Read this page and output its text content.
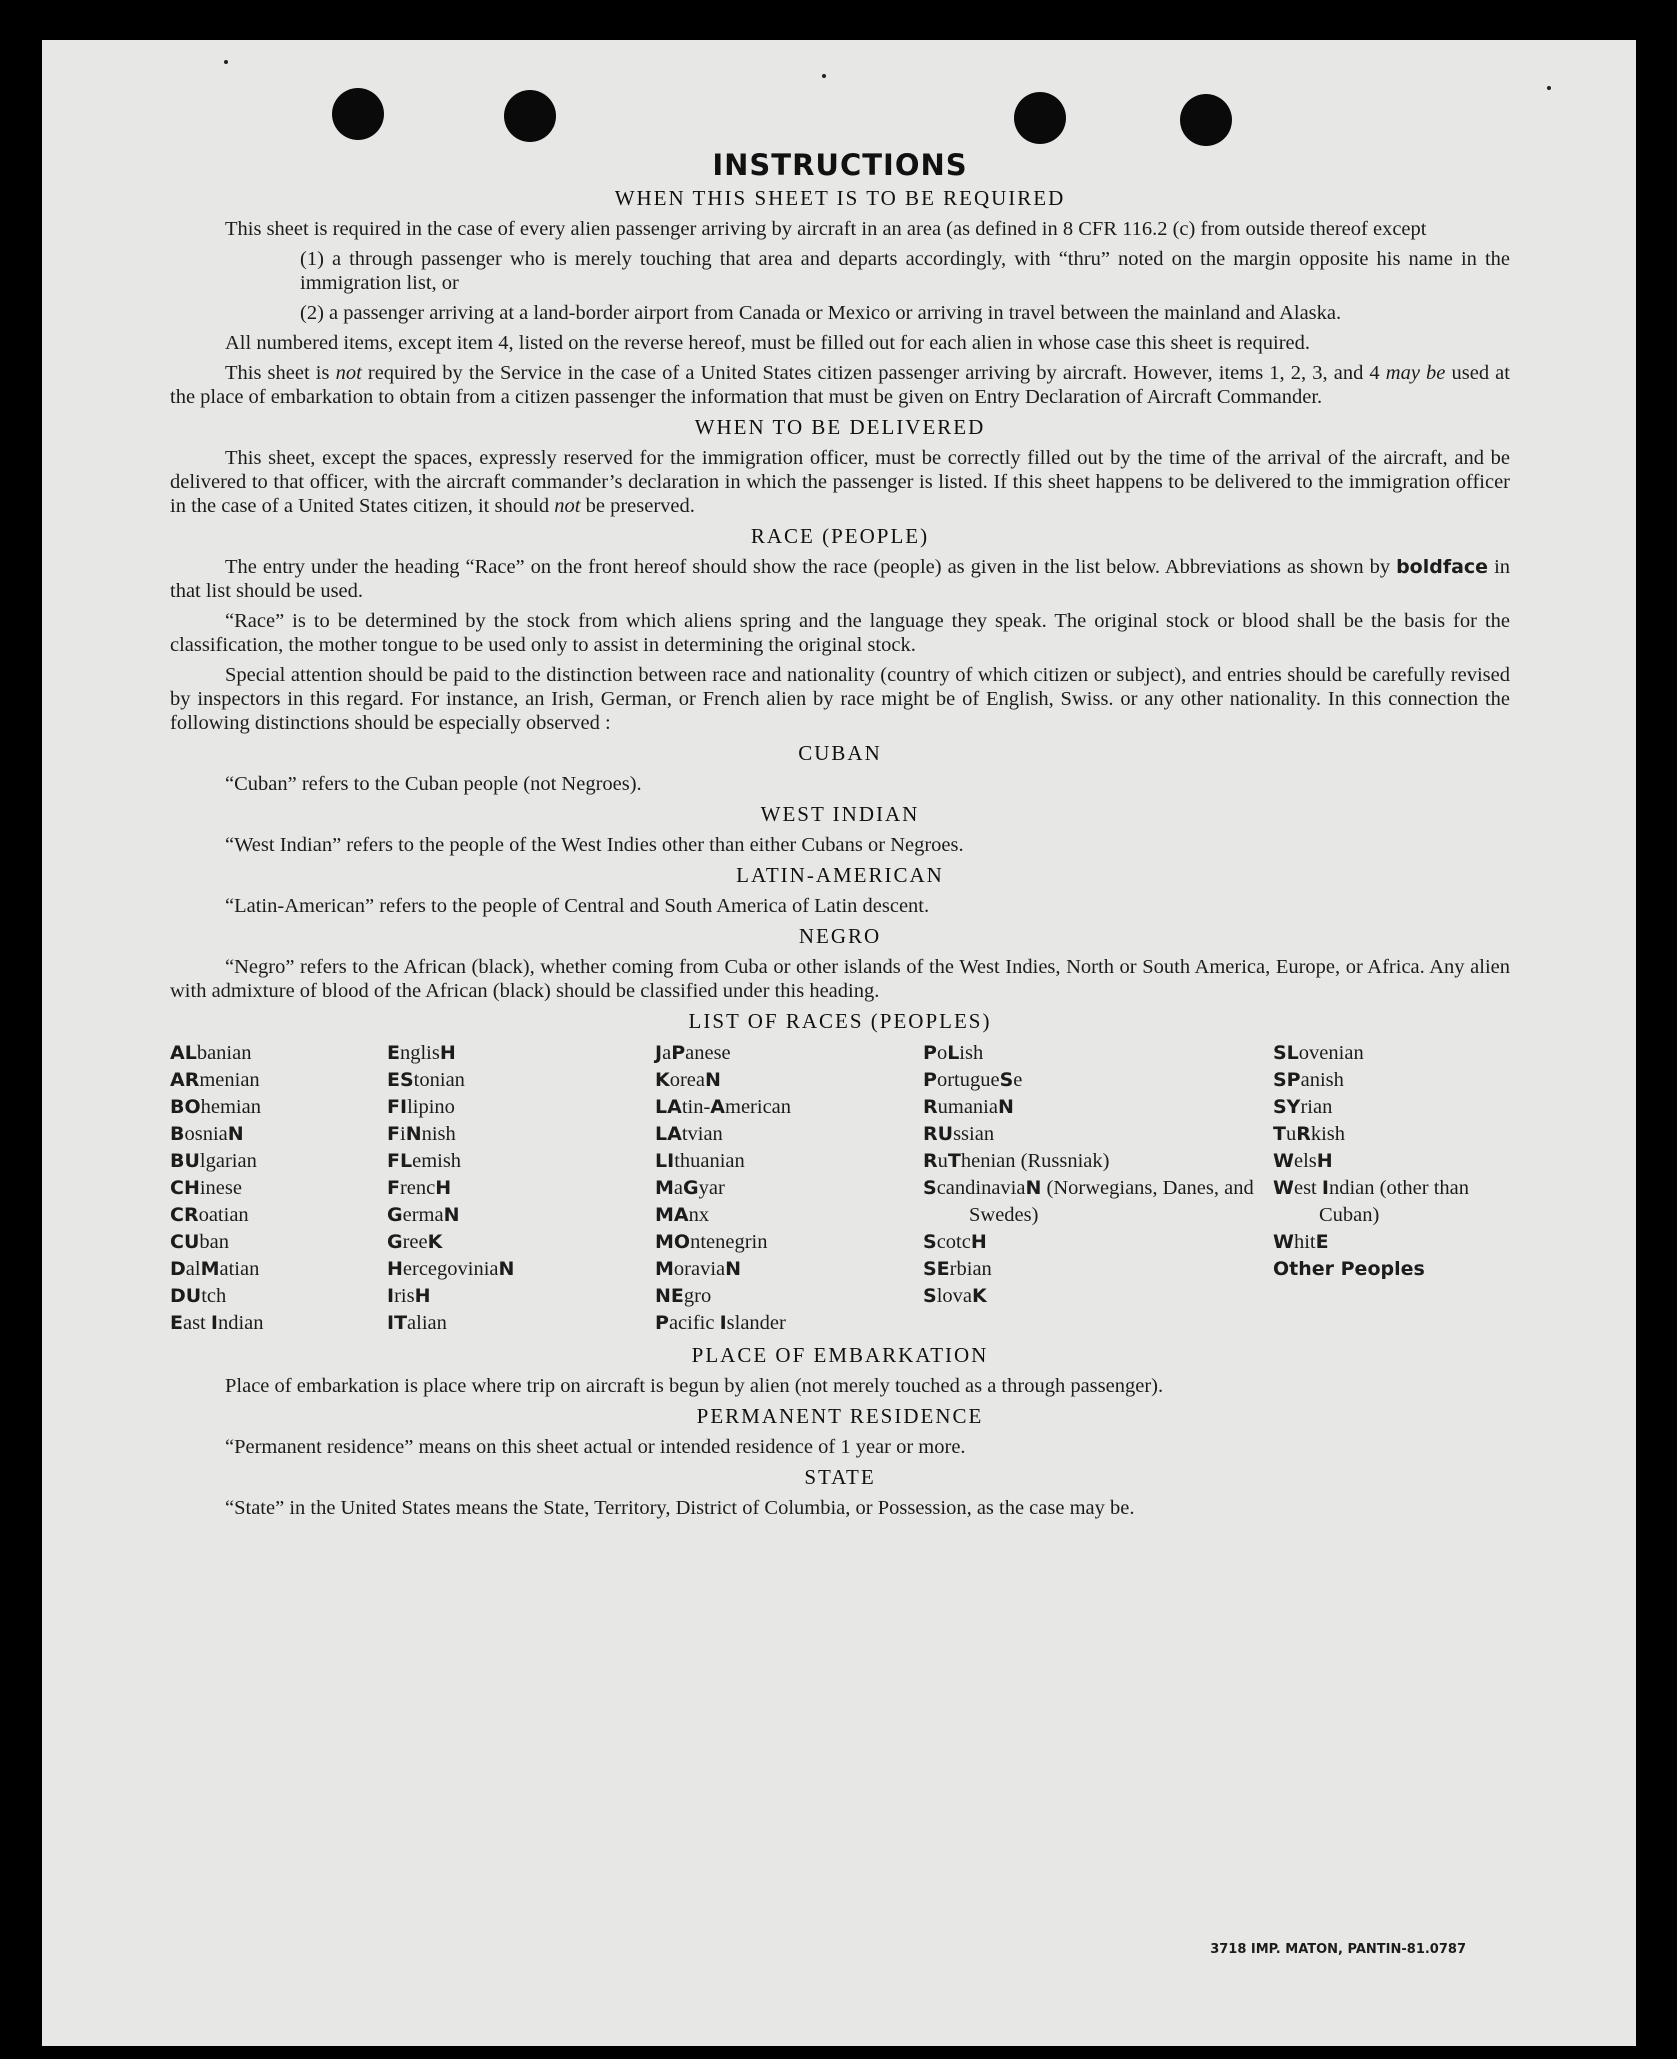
INSTRUCTIONS
WHEN THIS SHEET IS TO BE REQUIRED

This sheet is required in the case of every alien passenger arriving by aircraft in an area (as defined in 8 CFR 116.2 (c) from outside thereof except

(1) a through passenger who is merely touching that area and departs accordingly, with “thru” noted on the margin opposite his name in the immigration list, or

(2) a passenger arriving at a land-border airport from Canada or Mexico or arriving in travel between the mainland and Alaska.

All numbered items, except item 4, listed on the reverse hereof, must be filled out for each alien in whose case this sheet is required.

This sheet is not required by the Service in the case of a United States citizen passenger arriving by aircraft. However, items 1, 2, 3, and 4 may be used at the place of embarkation to obtain from a citizen passenger the information that must be given on Entry Declaration of Aircraft Commander.

WHEN TO BE DELIVERED

This sheet, except the spaces, expressly reserved for the immigration officer, must be correctly filled out by the time of the arrival of the aircraft, and be delivered to that officer, with the aircraft commander’s declaration in which the passenger is listed. If this sheet happens to be delivered to the immigration officer in the case of a United States citizen, it should not be preserved.

RACE (PEOPLE)

The entry under the heading “Race” on the front hereof should show the race (people) as given in the list below. Abbreviations as shown by boldface in that list should be used.

“Race” is to be determined by the stock from which aliens spring and the language they speak. The original stock or blood shall be the basis for the classification, the mother tongue to be used only to assist in determining the original stock.

Special attention should be paid to the distinction between race and nationality (country of which citizen or subject), and entries should be carefully revised by inspectors in this regard. For instance, an Irish, German, or French alien by race might be of English, Swiss. or any other nationality. In this connection the following distinctions should be especially observed :

CUBAN

“Cuban” refers to the Cuban people (not Negroes).

WEST INDIAN

“West Indian” refers to the people of the West Indies other than either Cubans or Negroes.

LATIN-AMERICAN

“Latin-American” refers to the people of Central and South America of Latin descent.

NEGRO

“Negro” refers to the African (black), whether coming from Cuba or other islands of the West Indies, North or South America, Europe, or Africa. Any alien with admixture of blood of the African (black) should be classified under this heading.

LIST OF RACES (PEOPLES)
ALbanian
ARmenian
BOhemian
BosniaN
BUlgarian
CHinese
CRoatian
CUban
DalMatian
DUtch
East Indian
EnglisH
EStonian
FIlipino
FiNnish
FLemish
FrencH
GermaN
GreeK
HercegoviniaN
IrisH
ITalian
JaPanese
KoreaN
LAtin-American
LAtvian
LIthuanian
MaGyar
MAnx
MOntenegrin
MoraviaN
NEgro
Pacific Islander
PoLish
PortugueSe
RumaniaN
RUssian
RuThenian (Russniak)
ScandinaviaN (Norwegians, Danes, and Swedes)
ScotcH
SErbian
SlovaK
SLovenian
SPanish
SYrian
TuRkish
WelsH
West Indian (other than Cuban)
WhitE
Other Peoples
PLACE OF EMBARKATION

Place of embarkation is place where trip on aircraft is begun by alien (not merely touched as a through passenger).

PERMANENT RESIDENCE

“Permanent residence” means on this sheet actual or intended residence of 1 year or more.

STATE

“State” in the United States means the State, Territory, District of Columbia, or Possession, as the case may be.

3718 IMP. MATON, PANTIN-81.0787
